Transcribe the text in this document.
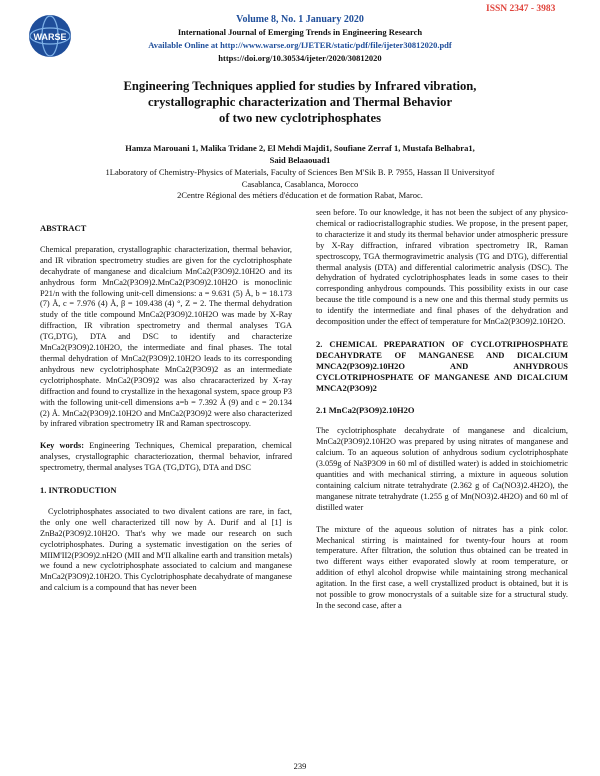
WARSE
ISSN 2347 - 3983
Volume 8, No. 1 January 2020
International Journal of Emerging Trends in Engineering Research
Available Online at http://www.warse.org/IJETER/static/pdf/file/ijeter30812020.pdf
https://doi.org/10.30534/ijeter/2020/30812020
Engineering Techniques applied for studies by Infrared vibration,
crystallographic characterization and Thermal Behavior
of two new cyclotriphosphates
Hamza Marouani 1, Malika Tridane 2, El Mehdi Majdi1, Soufiane Zerraf 1, Mustafa Belhabra1,
Said Belaaouad1
1Laboratory of Chemistry-Physics of Materials, Faculty of Sciences Ben M'Sik B. P. 7955, Hassan II Universityof
Casablanca, Casablanca, Morocco
2Centre Régional des métiers d'éducation et de formation Rabat, Maroc.

ABSTRACT

Chemical preparation, crystallographic characterization, thermal behavior, and IR vibration spectrometry studies are given for the cyclotriphosphate decahydrate of manganese and dicalcium MnCa2(P3O9)2.10H2O and its anhydrous form MnCa2(P3O9)2.MnCa2(P3O9)2.10H2O is monoclinic P21/n with the following unit-cell dimensions: a = 9.631 (5) Å, b = 18.173 (7) Å, c = 7.976 (4) Å, β = 109.438 (4) °, Z = 2. The thermal dehydration study of the title compound MnCa2(P3O9)2.10H2O was made by X-Ray diffraction, IR vibration spectrometry and thermal analyses TGA (TG,DTG), DTA and DSC to identify and characterize MnCa2(P3O9)2.10H2O, the intermediate and final phases. The total thermal dehydration of MnCa2(P3O9)2.10H2O leads to its corresponding anhydrous new cyclotriphosphate MnCa2(P3O9)2 as an intermediate cyclotriphosphate. MnCa2(P3O9)2 was also chracaracterized by X-ray diffraction and found to crystallize in the hexagonal system, space group P3 with the following unit-cell dimensions a=b = 7.392 Å (9) and c = 20.134 (2) Å. MnCa2(P3O9)2.10H2O and MnCa2(P3O9)2 were also characterized by infrared vibration spectrometry IR and Raman spectroscopy.

Key words: Engineering Techniques, Chemical preparation, chemical analyses, crystallographic characteriozation, thermal behavior, infrared spectrometry, thermal analyses TGA (TG,DTG), DTA and DSC

1. INTRODUCTION

Cyclotriphosphates associated to two divalent cations are rare, in fact, the only one well characterized till now by A. Durif and al [1] is ZnBa2(P3O9)2.10H2O. That's why we made our research on such cyclotriphosphates. During a systematic investigation on the series of MIIM'II2(P3O9)2.nH2O (MII and M'II alkaline earth and transition metals) we found a new cyclotriphosphate associated to calcium and manganese MnCa2(P3O9)2.10H2O. This Cyclotriphosphate decahydrate of manganese and calcium is a compound that has never been

seen before. To our knowledge, it has not been the subject of any physico-chemical or radiocristallographic studies. We propose, in the present paper, to characterize it and study its thermal behavior under atmospheric pressure by X-Ray diffraction, infrared vibration spectrometry IR, Raman spectroscopy, TGA thermogravimetric analysis (TG and DTG), differential thermal analysis (DTA) and differential calorimetric analysis (DSC). The dehydration of hydrated cyclotriphosphates leads in some cases to their corresponding anhydrous compounds. This possibility exists in our case because the title compound is a new one and this thermal study permits us to identify the intermediate and final phases of the dehydration and decomposition under the effect of temperature for MnCa2(P3O9)2.10H2O.

2. CHEMICAL PREPARATION OF CYCLOTRIPHOSPHATE DECAHYDRATE OF MANGANESE AND DICALCIUM MNCA2(P3O9)2.10H2O AND ANHYDROUS CYCLOTRIPHOSPHATE OF MANGANESE AND DICALCIUM MNCA2(P3O9)2

2.1 MnCa2(P3O9)2.10H2O

The cyclotriphosphate decahydrate of manganese and dicalcium, MnCa2(P3O9)2.10H2O was prepared by using nitrates of manganese and calcium. To an aqueous solution of anhydrous sodium cyclotriphosphate (3.059g of Na3P3O9 in 60 ml of distilled water) is added in stoichiometric quantities and with mechanical stirring, a mixture in aqueous solution containing calcium nitrate tetrahydrate (2.362 g of Ca(NO3)2.4H2O), the manganese nitrate tetrahydrate (1.255 g of Mn(NO3)2.4H2O) and 60 ml of distilled water

The mixture of the aqueous solution of nitrates has a pink color. Mechanical stirring is maintained for twenty-four hours at room temperature. After filtration, the solution thus obtained can be treated in two different ways either evaporated slowly at room temperature, or addition of ethyl alcohol dropwise while maintaining strong mechanical agitation. In the first case, a well crystallized product is obtained, but it is not possible to grow monocrystals of a suitable size for a structural study. In the second case, after a

239
